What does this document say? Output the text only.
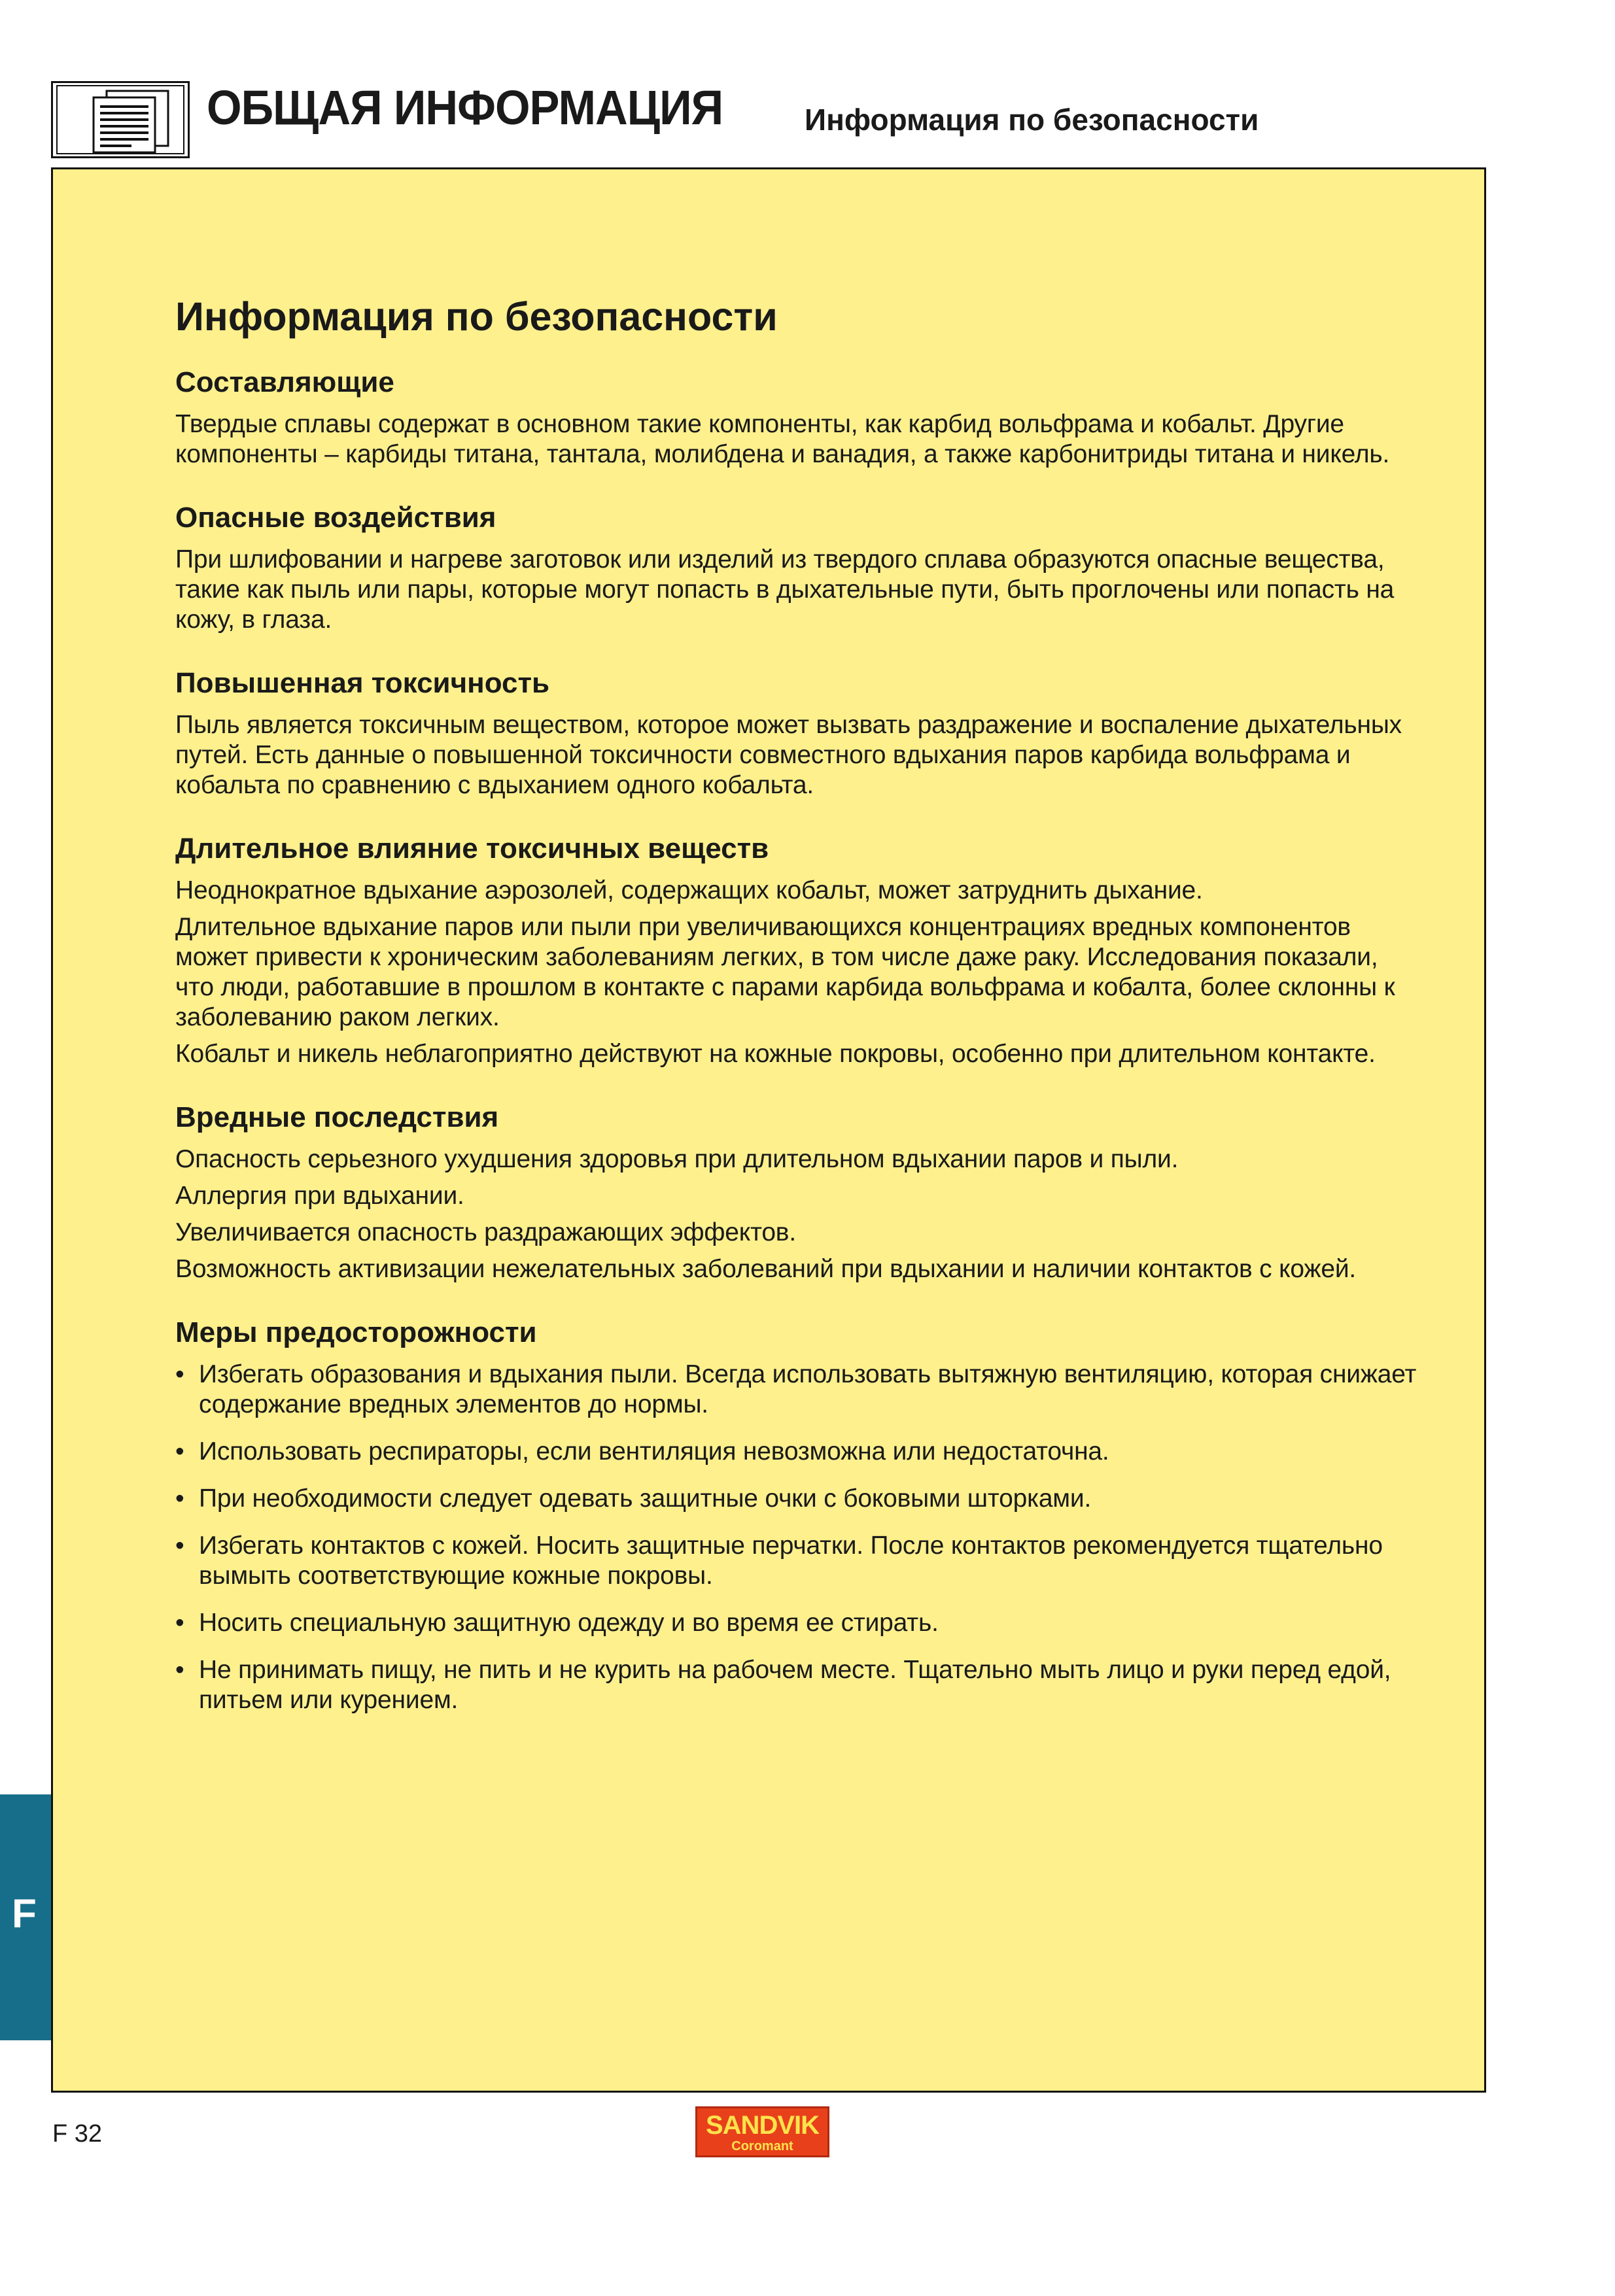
ОБЩАЯ ИНФОРМАЦИЯ	Информация по безопасности
Информация по безопасности
Составляющие

Твердые сплавы содержат в основном такие компоненты, как карбид вольфрама и кобальт. Другие компоненты – карбиды титана, тантала, молибдена и ванадия, а также карбонитриды титана и никель.

Опасные воздействия

При шлифовании и нагреве заготовок или изделий из твердого сплава образуются опасные вещества, такие как пыль или пары, которые могут попасть в дыхательные пути, быть проглочены или попасть на кожу, в глаза.

Повышенная токсичность

Пыль является токсичным веществом, которое может вызвать раздражение и воспаление дыхательных путей. Есть данные о повышенной токсичности совместного вдыхания паров карбида вольфрама и кобальта по сравнению с вдыханием одного кобальта.

Длительное влияние токсичных веществ

Неоднократное вдыхание аэрозолей, содержащих кобальт, может затруднить дыхание.

Длительное вдыхание паров или пыли при увеличивающихся концентрациях вредных компонентов может привести к хроническим заболеваниям легких, в том числе даже раку. Исследования показали, что люди, работавшие в прошлом в контакте с парами карбида вольфрама и кобалта, более склонны к заболеванию раком легких.

Кобальт и никель неблагоприятно действуют на кожные покровы, особенно при длительном контакте.

Вредные последствия

Опасность серьезного ухудшения здоровья при длительном вдыхании паров и пыли.

Аллергия при вдыхании.

Увеличивается опасность раздражающих эффектов.

Возможность активизации нежелательных заболеваний при вдыхании и наличии контактов с кожей.

Меры предосторожности
• Избегать образования и вдыхания пыли. Всегда использовать вытяжную вентиляцию, которая снижает содержание вредных элементов до нормы.
• Использовать респираторы, если вентиляция невозможна или недостаточна.
• При необходимости следует одевать защитные очки с боковыми шторками.
• Избегать контактов с кожей. Носить защитные перчатки. После контактов рекомендуется тщательно вымыть соответствующие кожные покровы.
• Носить специальную защитную одежду и во время ее стирать.
• Не принимать пищу, не пить и не курить на рабочем месте. Тщательно мыть лицо и руки перед едой, питьем или курением.
F
F 32	SANDVIK
Coromant
